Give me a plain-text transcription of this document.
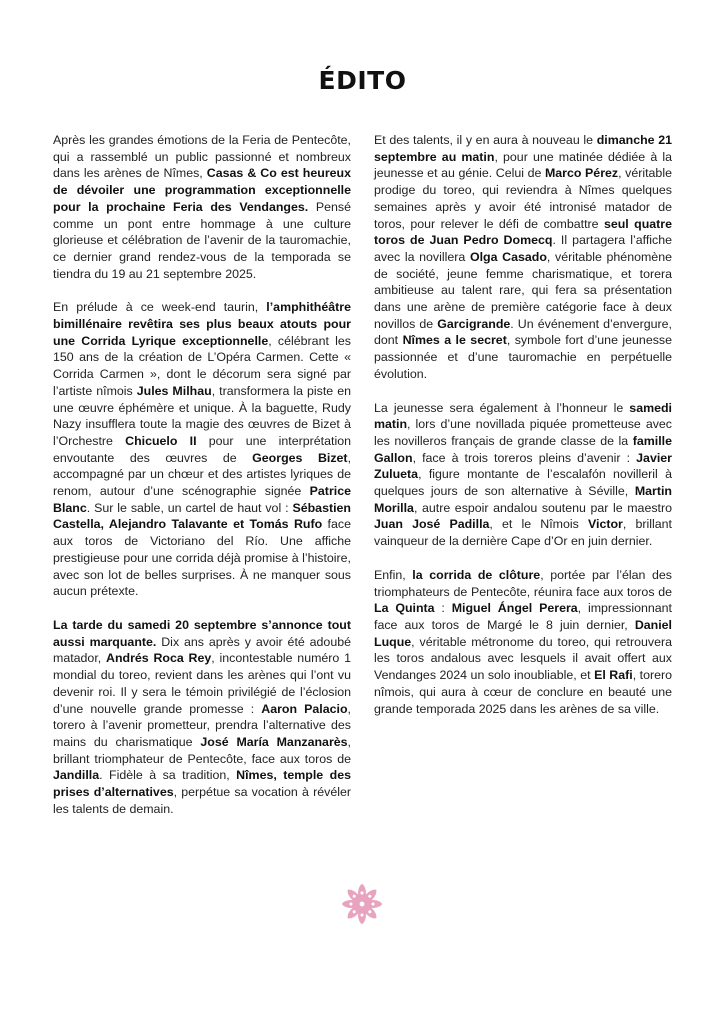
ÉDITO

Après les grandes émotions de la Feria de Pentecôte, qui a rassemblé un public passionné et nombreux dans les arènes de Nîmes, Casas & Co est heureux de dévoiler une programmation exceptionnelle pour la prochaine Feria des Vendanges. Pensé comme un pont entre hommage à une culture glorieuse et célébration de l’avenir de la tauromachie, ce dernier grand rendez-vous de la temporada se tiendra du 19 au 21 septembre 2025.

En prélude à ce week-end taurin, l’amphithéâtre bimillénaire revêtira ses plus beaux atouts pour une Corrida Lyrique exceptionnelle, célébrant les 150 ans de la création de L’Opéra Carmen. Cette « Corrida Carmen », dont le décorum sera signé par l’artiste nîmois Jules Milhau, transformera la piste en une œuvre éphémère et unique. À la baguette, Rudy Nazy insufflera toute la magie des œuvres de Bizet à l’Orchestre Chicuelo II pour une interprétation envoutante des œuvres de Georges Bizet, accompagné par un chœur et des artistes lyriques de renom, autour d’une scénographie signée Patrice Blanc. Sur le sable, un cartel de haut vol : Sébastien Castella, Alejandro Talavante et Tomás Rufo face aux toros de Victoriano del Río. Une affiche prestigieuse pour une corrida déjà promise à l’histoire, avec son lot de belles surprises. À ne manquer sous aucun prétexte.

La tarde du samedi 20 septembre s’annonce tout aussi marquante. Dix ans après y avoir été adoubé matador, Andrés Roca Rey, incontestable numéro 1 mondial du toreo, revient dans les arènes qui l’ont vu devenir roi. Il y sera le témoin privilégié de l’éclosion d’une nouvelle grande promesse : Aaron Palacio, torero à l’avenir prometteur, prendra l’alternative des mains du charismatique José María Manzanarès, brillant triomphateur de Pentecôte, face aux toros de Jandilla. Fidèle à sa tradition, Nîmes, temple des prises d’alternatives, perpétue sa vocation à révéler les talents de demain.

Et des talents, il y en aura à nouveau le dimanche 21 septembre au matin, pour une matinée dédiée à la jeunesse et au génie. Celui de Marco Pérez, véritable prodige du toreo, qui reviendra à Nîmes quelques semaines après y avoir été intronisé matador de toros, pour relever le défi de combattre seul quatre toros de Juan Pedro Domecq. Il partagera l’affiche avec la novillera Olga Casado, véritable phénomène de société, jeune femme charismatique, et torera ambitieuse au talent rare, qui fera sa présentation dans une arène de première catégorie face à deux novillos de Garcigrande. Un événement d’envergure, dont Nîmes a le secret, symbole fort d’une jeunesse passionnée et d’une tauromachie en perpétuelle évolution.

La jeunesse sera également à l’honneur le samedi matin, lors d’une novillada piquée prometteuse avec les novilleros français de grande classe de la famille Gallon, face à trois toreros pleins d’avenir : Javier Zulueta, figure montante de l’escalafón novilleril à quelques jours de son alternative à Séville, Martin Morilla, autre espoir andalou soutenu par le maestro Juan José Padilla, et le Nîmois Victor, brillant vainqueur de la dernière Cape d’Or en juin dernier.

Enfin, la corrida de clôture, portée par l’élan des triomphateurs de Pentecôte, réunira face aux toros de La Quinta : Miguel Ángel Perera, impressionnant face aux toros de Margé le 8 juin dernier, Daniel Luque, véritable métronome du toreo, qui retrouvera les toros andalous avec lesquels il avait offert aux Vendanges 2024 un solo inoubliable, et El Rafi, torero nîmois, qui aura à cœur de conclure en beauté une grande temporada 2025 dans les arènes de sa ville.
